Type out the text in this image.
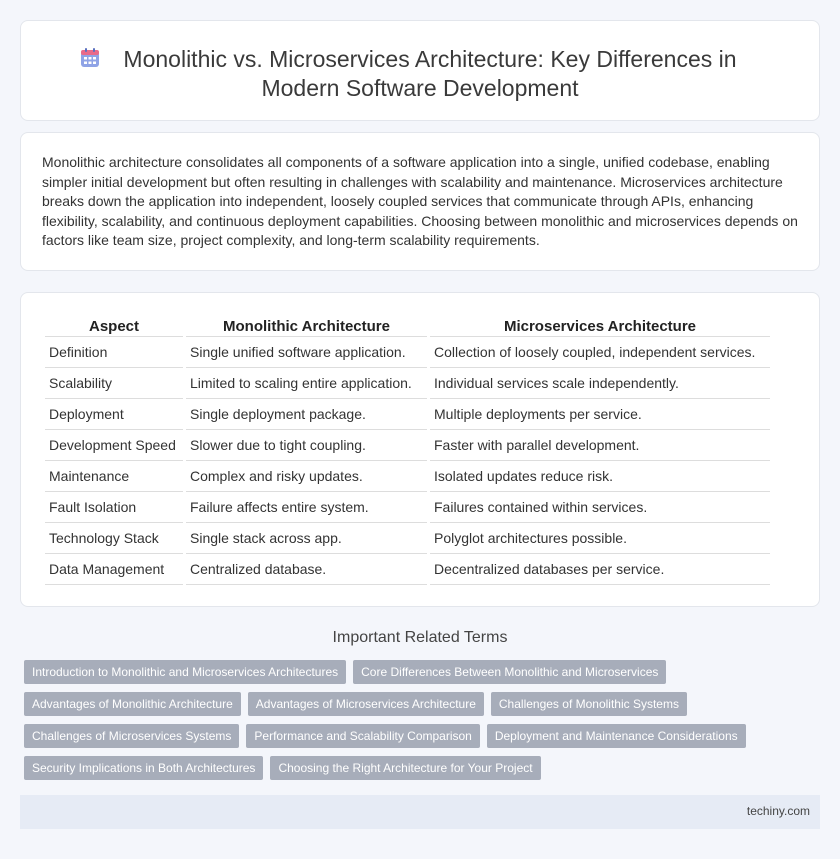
Monolithic vs. Microservices Architecture: Key Differences in
Modern Software Development

Monolithic architecture consolidates all components of a software application into a single, unified codebase, enabling simpler initial development but often resulting in challenges with scalability and maintenance. Microservices architecture breaks down the application into independent, loosely coupled services that communicate through APIs, enhancing flexibility, scalability, and continuous deployment capabilities. Choosing between monolithic and microservices depends on factors like team size, project complexity, and long-term scalability requirements.

Aspect	Monolithic Architecture	Microservices Architecture
Definition	Single unified software application.	Collection of loosely coupled, independent services.
Scalability	Limited to scaling entire application.	Individual services scale independently.
Deployment	Single deployment package.	Multiple deployments per service.
Development Speed	Slower due to tight coupling.	Faster with parallel development.
Maintenance	Complex and risky updates.	Isolated updates reduce risk.
Fault Isolation	Failure affects entire system.	Failures contained within services.
Technology Stack	Single stack across app.	Polyglot architectures possible.
Data Management	Centralized database.	Decentralized databases per service.
Important Related Terms
Introduction to Monolithic and Microservices Architectures	Core Differences Between Monolithic and Microservices
Advantages of Monolithic Architecture	Advantages of Microservices Architecture	Challenges of Monolithic Systems
Challenges of Microservices Systems	Performance and Scalability Comparison	Deployment and Maintenance Considerations
Security Implications in Both Architectures	Choosing the Right Architecture for Your Project
techiny.com
